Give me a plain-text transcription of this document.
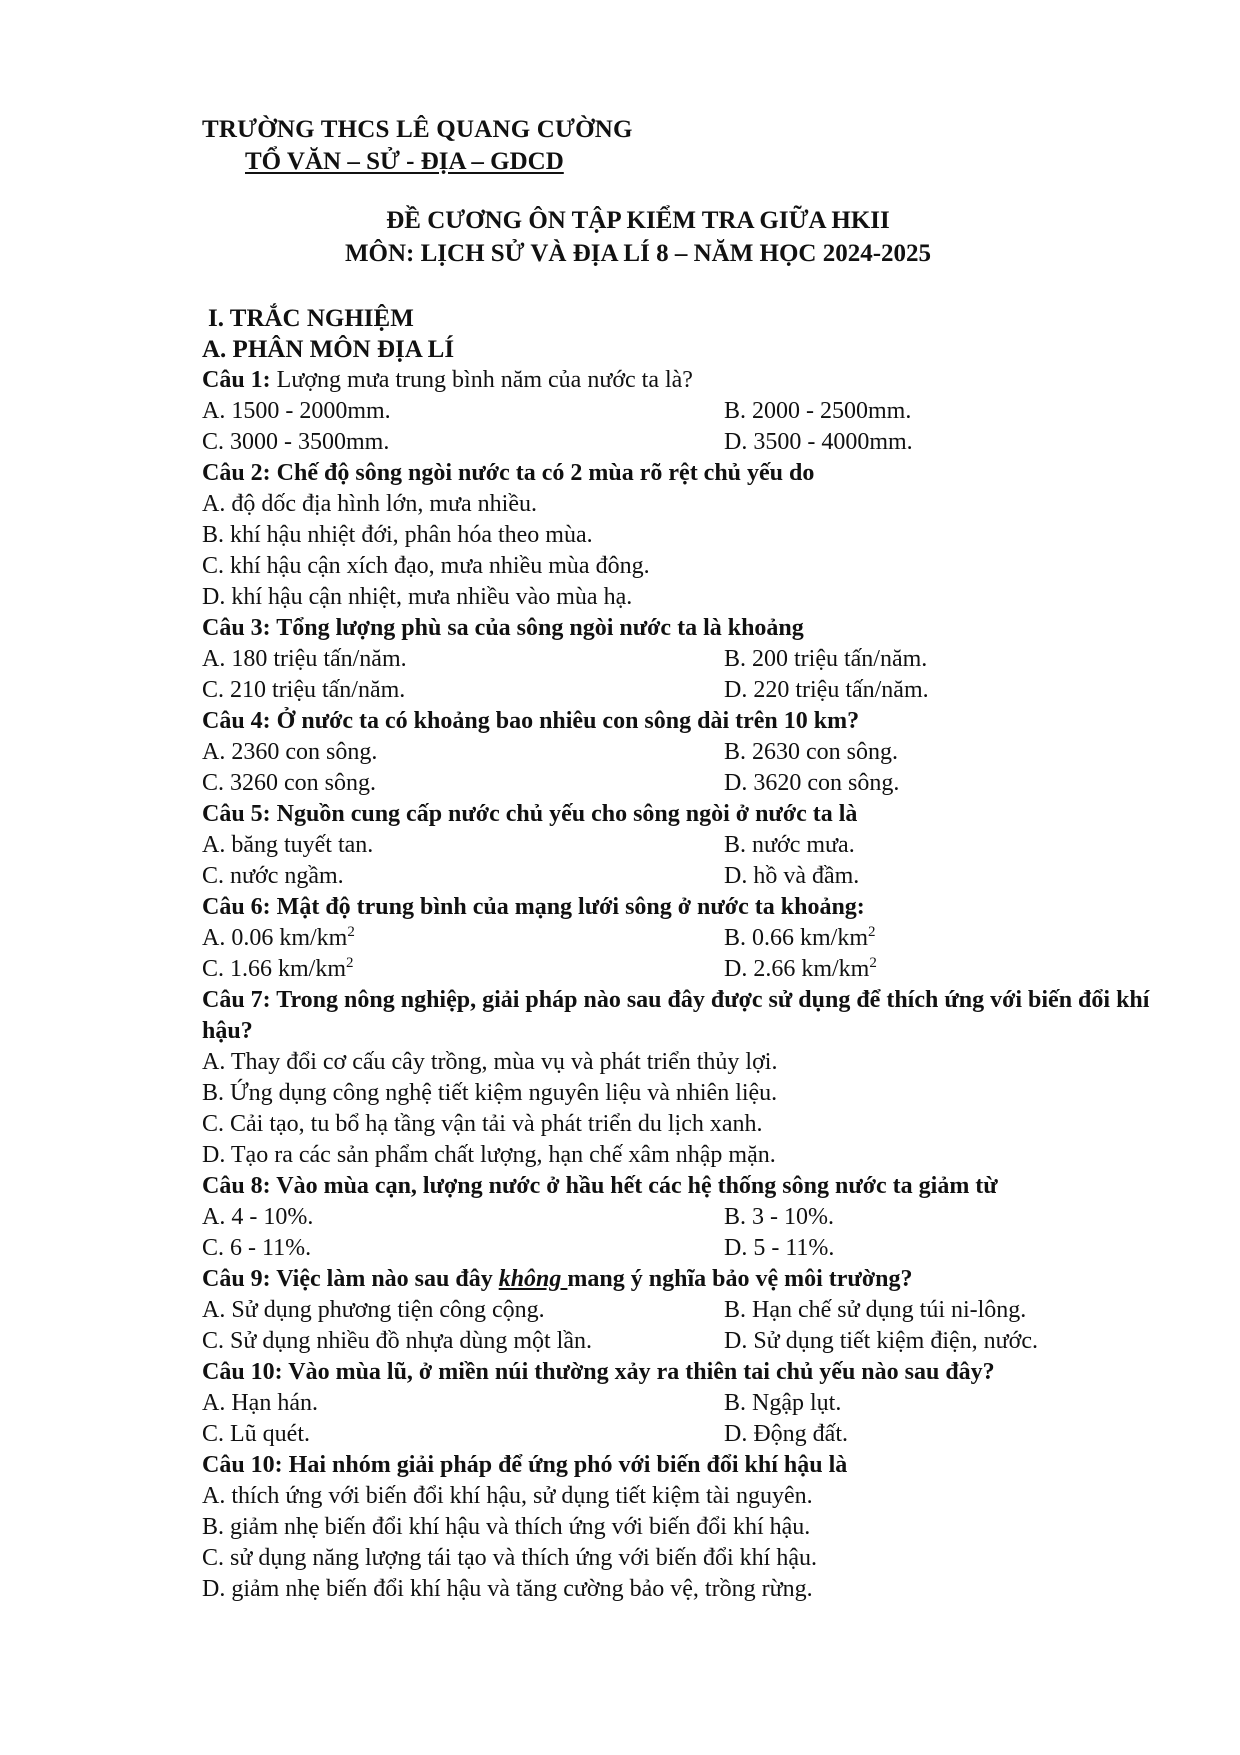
TRƯỜNG THCS LÊ QUANG CƯỜNG
TỔ VĂN – SỬ - ĐỊA – GDCD
ĐỀ CƯƠNG ÔN TẬP KIỂM TRA GIỮA HKII
MÔN: LỊCH SỬ VÀ ĐỊA LÍ 8 – NĂM HỌC 2024-2025
I. TRẮC NGHIỆM
A. PHÂN MÔN ĐỊA LÍ
Câu 1: Lượng mưa trung bình năm của nước ta là?
A. 1500 - 2000mm.	B. 2000 - 2500mm.
C. 3000 - 3500mm.	D. 3500 - 4000mm.
Câu 2: Chế độ sông ngòi nước ta có 2 mùa rõ rệt chủ yếu do
A. độ dốc địa hình lớn, mưa nhiều.
B. khí hậu nhiệt đới, phân hóa theo mùa.
C. khí hậu cận xích đạo, mưa nhiều mùa đông.
D. khí hậu cận nhiệt, mưa nhiều vào mùa hạ.
Câu 3: Tổng lượng phù sa của sông ngòi nước ta là khoảng
A. 180 triệu tấn/năm.	B. 200 triệu tấn/năm.
C. 210 triệu tấn/năm.	D. 220 triệu tấn/năm.
Câu 4: Ở nước ta có khoảng bao nhiêu con sông dài trên 10 km?
A. 2360 con sông.	B. 2630 con sông.
C. 3260 con sông.	D. 3620 con sông.
Câu 5: Nguồn cung cấp nước chủ yếu cho sông ngòi ở nước ta là
A. băng tuyết tan.	B. nước mưa.
C. nước ngầm.	D. hồ và đầm.
Câu 6: Mật độ trung bình của mạng lưới sông ở nước ta khoảng:
A. 0.06 $km/km^2$	B. 0.66 $km/km^2$
C. 1.66 $km/km^2$	D. 2.66 $km/km^2$
Câu 7: Trong nông nghiệp, giải pháp nào sau đây được sử dụng để thích ứng với biến đổi khí hậu?
A. Thay đổi cơ cấu cây trồng, mùa vụ và phát triển thủy lợi.
B. Ứng dụng công nghệ tiết kiệm nguyên liệu và nhiên liệu.
C. Cải tạo, tu bổ hạ tầng vận tải và phát triển du lịch xanh.
D. Tạo ra các sản phẩm chất lượng, hạn chế xâm nhập mặn.
Câu 8: Vào mùa cạn, lượng nước ở hầu hết các hệ thống sông nước ta giảm từ
A. 4 - 10%.	B. 3 - 10%.
C. 6 - 11%.	D. 5 - 11%.
Câu 9: Việc làm nào sau đây không mang ý nghĩa bảo vệ môi trường?
A. Sử dụng phương tiện công cộng.	B. Hạn chế sử dụng túi ni-lông.
C. Sử dụng nhiều đồ nhựa dùng một lần.	D. Sử dụng tiết kiệm điện, nước.
Câu 10: Vào mùa lũ, ở miền núi thường xảy ra thiên tai chủ yếu nào sau đây?
A. Hạn hán.	B. Ngập lụt.
C. Lũ quét.	D. Động đất.
Câu 10: Hai nhóm giải pháp để ứng phó với biến đổi khí hậu là
A. thích ứng với biến đổi khí hậu, sử dụng tiết kiệm tài nguyên.
B. giảm nhẹ biến đổi khí hậu và thích ứng với biến đổi khí hậu.
C. sử dụng năng lượng tái tạo và thích ứng với biến đổi khí hậu.
D. giảm nhẹ biến đổi khí hậu và tăng cường bảo vệ, trồng rừng.
